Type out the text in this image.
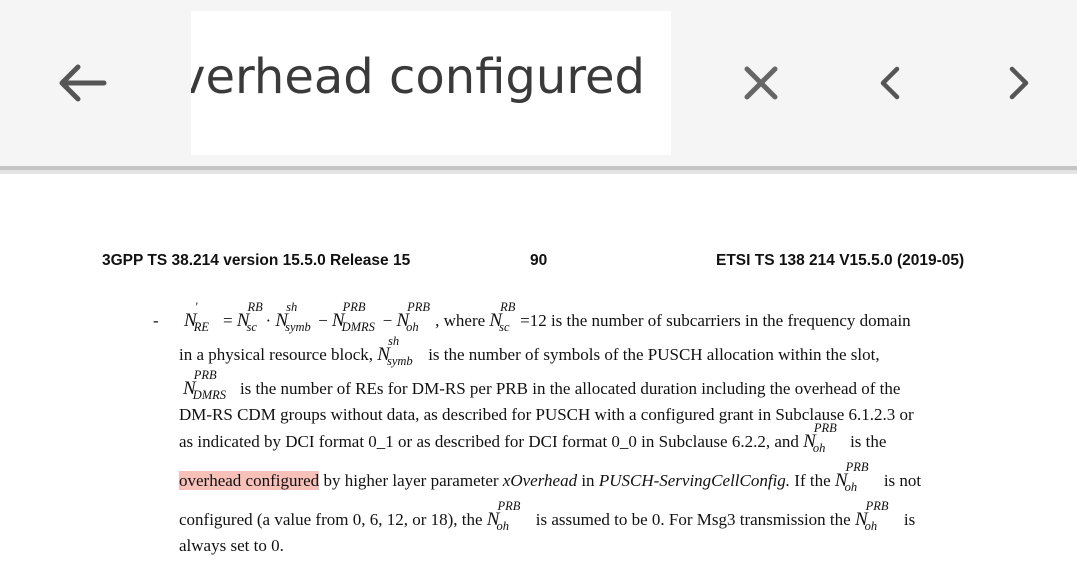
overhead configured
3GPP TS 38.214 version 15.5.0 Release 15	90	ETSI TS 138 214 V15.5.0 (2019-05)
- N
'
RE = N
RB
sc · N
sh
symb − N
PRB
DMRS − N
PRB
oh , where N
RB
sc =12 is the number of subcarriers in the frequency domain
in a physical resource block, N
sh
symb is the number of symbols of the PUSCH allocation within the slot,
N
PRB
DMRS is the number of REs for DM-RS per PRB in the allocated duration including the overhead of the
DM-RS CDM groups without data, as described for PUSCH with a configured grant in Subclause 6.1.2.3 or
as indicated by DCI format 0_1 or as described for DCI format 0_0 in Subclause 6.2.2, and N
PRB
oh is the
overhead configured by higher layer parameter xOverhead in PUSCH-ServingCellConfig. If the N
PRB
oh is not
configured (a value from 0, 6, 12, or 18), the N
PRB
oh is assumed to be 0. For Msg3 transmission the N
PRB
oh is
always set to 0.
